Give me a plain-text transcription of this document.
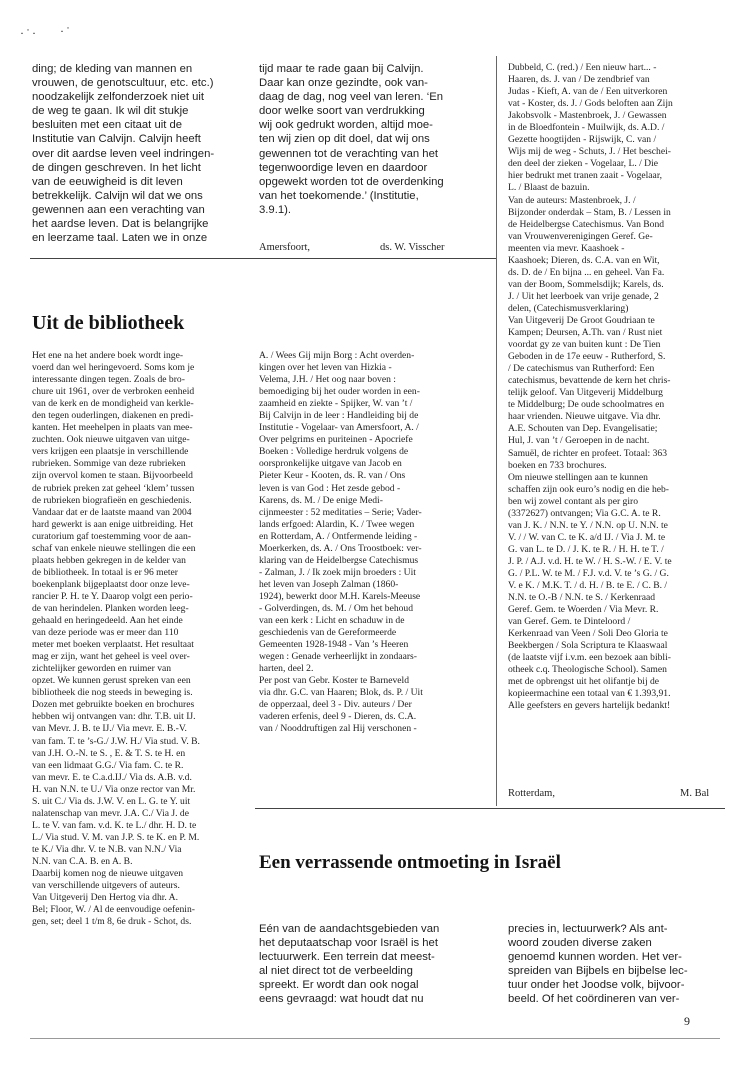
·˙· ·˙
ding; de kleding van mannen en
vrouwen, de genotscultuur, etc. etc.)
noodzakelijk zelfonderzoek niet uit
de weg te gaan. Ik wil dit stukje
besluiten met een citaat uit de
Institutie van Calvijn. Calvijn heeft
over dit aardse leven veel indringen-
de dingen geschreven. In het licht
van de eeuwigheid is dit leven
betrekkelijk. Calvijn wil dat we ons
gewennen aan een verachting van
het aardse leven. Dat is belangrijke
en leerzame taal. Laten we in onze
tijd maar te rade gaan bij Calvijn.
Daar kan onze gezindte, ook van-
daag de dag, nog veel van leren. ‘En
door welke soort van verdrukking
wij ook gedrukt worden, altijd moe-
ten wij zien op dit doel, dat wij ons
gewennen tot de verachting van het
tegenwoordige leven en daardoor
opgewekt worden tot de overdenking
van het toekomende.’ (Institutie,
3.9.1).
Amersfoort,	ds. W. Visscher
Uit de bibliotheek
Het ene na het andere boek wordt inge-
voerd dan wel heringevoerd. Soms kom je
interessante dingen tegen. Zoals de bro-
chure uit 1961, over de verbroken eenheid
van de kerk en de mondigheid van kerkle-
den tegen ouderlingen, diakenen en predi-
kanten. Het meehelpen in plaats van mee-
zuchten. Ook nieuwe uitgaven van uitge-
vers krijgen een plaatsje in verschillende
rubrieken. Sommige van deze rubrieken
zijn overvol komen te staan. Bijvoorbeeld
de rubriek preken zat geheel ‘klem’ tussen
de rubrieken biografieën en geschiedenis.
Vandaar dat er de laatste maand van 2004
hard gewerkt is aan enige uitbreiding. Het
curatorium gaf toestemming voor de aan-
schaf van enkele nieuwe stellingen die een
plaats hebben gekregen in de kelder van
de bibliotheek. In totaal is er 96 meter
boekenplank bijgeplaatst door onze leve-
rancier P. H. te Y. Daarop volgt een perio-
de van herindelen. Planken worden leeg-
gehaald en heringedeeld. Aan het einde
van deze periode was er meer dan 110
meter met boeken verplaatst. Het resultaat
mag er zijn, want het geheel is veel over-
zichtelijker geworden en ruimer van
opzet. We kunnen gerust spreken van een
bibliotheek die nog steeds in beweging is.
Dozen met gebruikte boeken en brochures
hebben wij ontvangen van: dhr. T.B. uit IJ.
van Mevr. J. B. te IJ./ Via mevr. E. B.-V.
van fam. T. te ’s-G./ J.W. H./ Via stud. V. B.
van J.H. O.-N. te S. , E. & T. S. te H. en
van een lidmaat G.G./ Via fam. C. te R.
van mevr. E. te C.a.d.IJ./ Via ds. A.B. v.d.
H. van N.N. te U./ Via onze rector van Mr.
S. uit C./ Via ds. J.W. V. en L. G. te Y. uit
nalatenschap van mevr. J.A. C./ Via J. de
L. te V. van fam. v.d. K. te L./ dhr. H. D. te
L./ Via stud. V. M. van J.P. S. te K. en P. M.
te K./ Via dhr. V. te N.B. van N.N./ Via
N.N. van C.A. B. en A. B.
Daarbij komen nog de nieuwe uitgaven
van verschillende uitgevers of auteurs.
Van Uitgeverij Den Hertog via dhr. A.
Bel; Floor, W. / Al de eenvoudige oefenin-
gen, set; deel 1 t/m 8, 6e druk - Schot, ds.
A. / Wees Gij mijn Borg : Acht overden-
kingen over het leven van Hizkia -
Velema, J.H. / Het oog naar boven :
bemoediging bij het ouder worden in een-
zaamheid en ziekte - Spijker, W. van ’t /
Bij Calvijn in de leer : Handleiding bij de
Institutie - Vogelaar- van Amersfoort, A. /
Over pelgrims en puriteinen - Apocriefe
Boeken : Volledige herdruk volgens de
oorspronkelijke uitgave van Jacob en
Pieter Keur - Kooten, ds. R. van / Ons
leven is van God : Het zesde gebod -
Karens, ds. M. / De enige Medi-
cijnmeester : 52 meditaties – Serie; Vader-
lands erfgoed: Alardin, K. / Twee wegen
en Rotterdam, A. / Ontfermende leiding -
Moerkerken, ds. A. / Ons Troostboek: ver-
klaring van de Heidelbergse Catechismus
- Zalman, J. / Ik zoek mijn broeders : Uit
het leven van Joseph Zalman (1860-
1924), bewerkt door M.H. Karels-Meeuse
- Golverdingen, ds. M. / Om het behoud
van een kerk : Licht en schaduw in de
geschiedenis van de Gereformeerde
Gemeenten 1928-1948 - Van ’s Heeren
wegen : Genade verheerlijkt in zondaars-
harten, deel 2.
Per post van Gebr. Koster te Barneveld
via dhr. G.C. van Haaren; Blok, ds. P. / Uit
de opperzaal, deel 3 - Div. auteurs / Der
vaderen erfenis, deel 9 - Dieren, ds. C.A.
van / Nooddruftigen zal Hij verschonen -
Dubbeld, C. (red.) / Een nieuw hart... -
Haaren, ds. J. van / De zendbrief van
Judas - Kieft, A. van de / Een uitverkoren
vat - Koster, ds. J. / Gods beloften aan Zijn
Jakobsvolk - Mastenbroek, J. / Gewassen
in de Bloedfontein - Muilwijk, ds. A.D. /
Gezette hoogtijden - Rijswijk, C. van /
Wijs mij de weg - Schuts, J. / Het beschei-
den deel der zieken - Vogelaar, L. / Die
hier bedrukt met tranen zaait - Vogelaar,
L. / Blaast de bazuin.
Van de auteurs: Mastenbroek, J. /
Bijzonder onderdak – Stam, B. / Lessen in
de Heidelbergse Catechismus. Van Bond
van Vrouwenverenigingen Geref. Ge-
meenten via mevr. Kaashoek -
Kaashoek; Dieren, ds. C.A. van en Wit,
ds. D. de / En bijna ... en geheel. Van Fa.
van der Boom, Sommelsdijk; Karels, ds.
J. / Uit het leerboek van vrije genade, 2
delen, (Catechismusverklaring)
Van Uitgeverij De Groot Goudriaan te
Kampen; Deursen, A.Th. van / Rust niet
voordat gy ze van buiten kunt : De Tien
Geboden in de 17e eeuw - Rutherford, S.
/ De catechismus van Rutherford: Een
catechismus, bevattende de kern het chris-
telijk geloof. Van Uitgeverij Middelburg
te Middelburg; De oude schoolmatres en
haar vrienden. Nieuwe uitgave. Via dhr.
A.E. Schouten van Dep. Evangelisatie;
Hul, J. van ’t / Geroepen in de nacht.
Samuël, de richter en profeet. Totaal: 363
boeken en 733 brochures.
Om nieuwe stellingen aan te kunnen
schaffen zijn ook euro’s nodig en die heb-
ben wij zowel contant als per giro
(3372627) ontvangen; Via G.C. A. te R.
van J. K. / N.N. te Y. / N.N. op U. N.N. te
V. / / W. van C. te K. a/d IJ. / Via J. M. te
G. van L. te D. / J. K. te R. / H. H. te T. /
J. P. / A.J. v.d. H. te W. / H. S.-W. / E. V. te
G. / P.L. W. te M. / F.J. v.d. V. te ’s G. / G.
V. e K. / M.K. T. / d. H. / B. te E. / C. B. /
N.N. te O.-B / N.N. te S. / Kerkenraad
Geref. Gem. te Woerden / Via Mevr. R.
van Geref. Gem. te Dinteloord /
Kerkenraad van Veen / Soli Deo Gloria te
Beekbergen / Sola Scriptura te Klaaswaal
(de laatste vijf i.v.m. een bezoek aan bibli-
otheek c.q. Theologische School). Samen
met de opbrengst uit het olifantje bij de
kopieermachine een totaal van € 1.393,91.
Alle geefsters en gevers hartelijk bedankt!
Rotterdam,	M. Bal
Een verrassende ontmoeting in Israël
Eén van de aandachtsgebieden van
het deputaatschap voor Israël is het
lectuurwerk. Een terrein dat meest-
al niet direct tot de verbeelding
spreekt. Er wordt dan ook nogal
eens gevraagd: wat houdt dat nu
precies in, lectuurwerk? Als ant-
woord zouden diverse zaken
genoemd kunnen worden. Het ver-
spreiden van Bijbels en bijbelse lec-
tuur onder het Joodse volk, bijvoor-
beeld. Of het coördineren van ver-
9
